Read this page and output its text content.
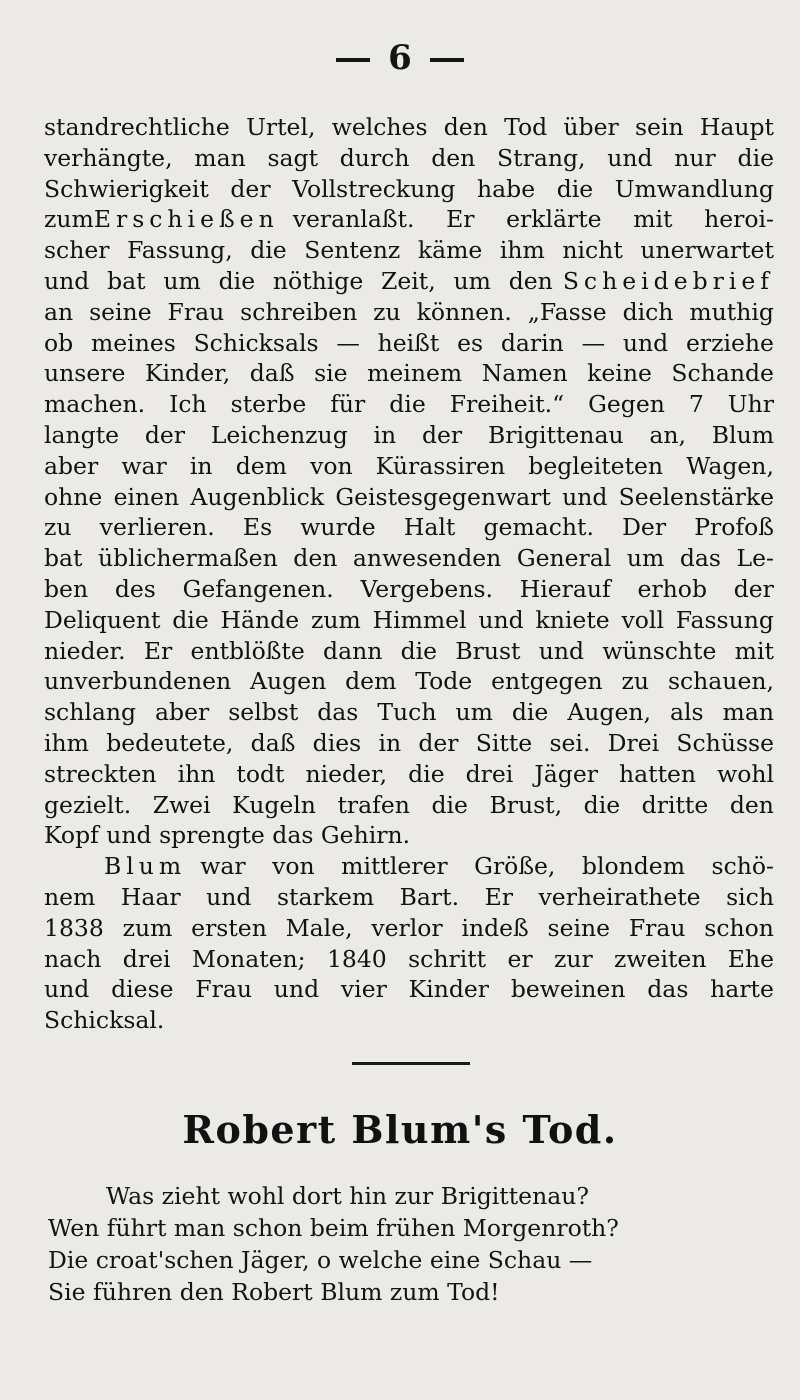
6
standrechtliche Urtel, welches den Tod über sein Haupt
verhängte, man sagt durch den Strang, und nur die
Schwierigkeit der Vollstreckung habe die Umwandlung
zum Erschießen veranlaßt. Er erklärte mit heroi-
scher Fassung, die Sentenz käme ihm nicht unerwartet
und bat um die nöthige Zeit, um den Scheidebrief
an seine Frau schreiben zu können. „Fasse dich muthig
ob meines Schicksals — heißt es darin — und erziehe
unsere Kinder, daß sie meinem Namen keine Schande
machen. Ich sterbe für die Freiheit.“ Gegen 7 Uhr
langte der Leichenzug in der Brigittenau an, Blum
aber war in dem von Kürassiren begleiteten Wagen,
ohne einen Augenblick Geistesgegenwart und Seelenstärke
zu verlieren. Es wurde Halt gemacht. Der Profoß
bat üblichermaßen den anwesenden General um das Le-
ben des Gefangenen. Vergebens. Hierauf erhob der
Deliquent die Hände zum Himmel und kniete voll Fassung
nieder. Er entblößte dann die Brust und wünschte mit
unverbundenen Augen dem Tode entgegen zu schauen,
schlang aber selbst das Tuch um die Augen, als man
ihm bedeutete, daß dies in der Sitte sei. Drei Schüsse
streckten ihn todt nieder, die drei Jäger hatten wohl
gezielt. Zwei Kugeln trafen die Brust, die dritte den
Kopf und sprengte das Gehirn.
Blum war von mittlerer Größe, blondem schö-
nem Haar und starkem Bart. Er verheirathete sich
1838 zum ersten Male, verlor indeß seine Frau schon
nach drei Monaten; 1840 schritt er zur zweiten Ehe
und diese Frau und vier Kinder beweinen das harte
Schicksal.
Robert Blum's Tod.
Was zieht wohl dort hin zur Brigittenau?
Wen führt man schon beim frühen Morgenroth?
Die croat'schen Jäger, o welche eine Schau —
Sie führen den Robert Blum zum Tod!
